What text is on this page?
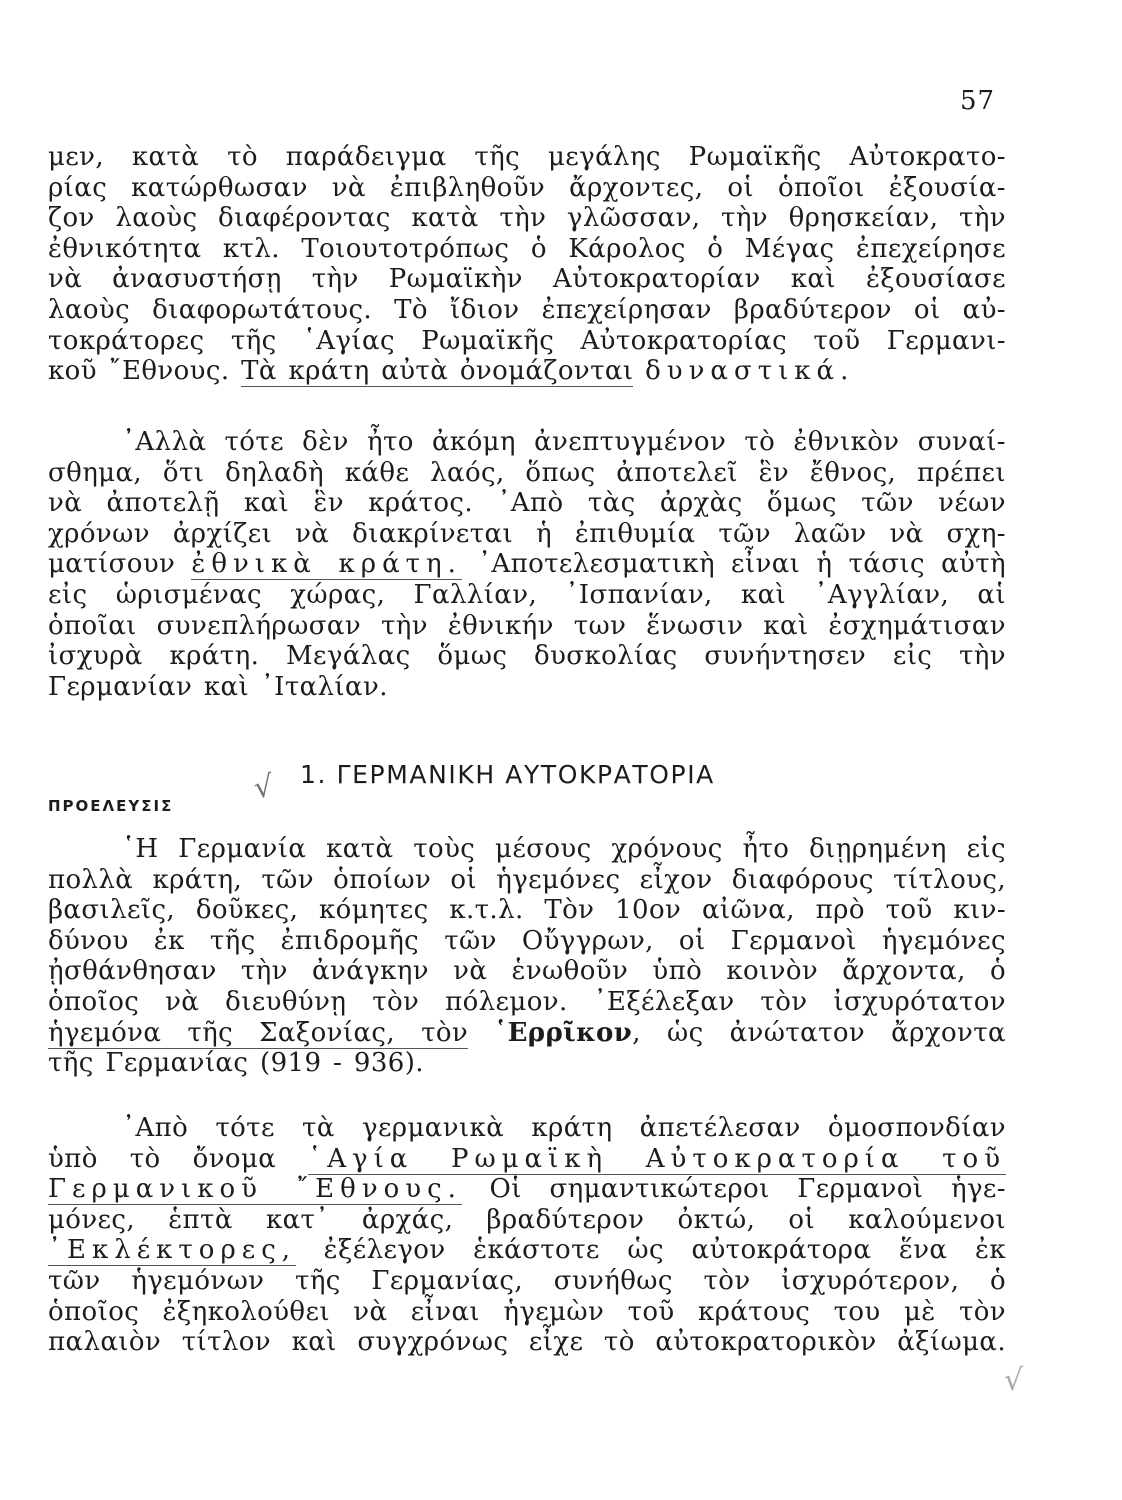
57
μεν, κατὰ τὸ παράδειγμα τῆς μεγάλης Ρωμαϊκῆς Αὐτοκρατο-
ρίας κατώρθωσαν νὰ ἐπιβληθοῦν ἄρχοντες, οἱ ὁποῖοι ἐξουσία-
ζον λαοὺς διαφέροντας κατὰ τὴν γλῶσσαν, τὴν θρησκείαν, τὴν
ἐθνικότητα κτλ. Τοιουτοτρόπως ὁ Κάρολος ὁ Μέγας ἐπεχείρησε
νὰ ἀνασυστήσῃ τὴν Ρωμαϊκὴν Αὐτοκρατορίαν καὶ ἐξουσίασε
λαοὺς διαφορωτάτους. Τὸ ἴδιον ἐπεχείρησαν βραδύτερον οἱ αὐ-
τοκράτορες τῆς ῾Αγίας Ρωμαϊκῆς Αὐτοκρατορίας τοῦ Γερμανι-
κοῦ ῎Εθνους. Τὰ κράτη αὐτὰ ὀνομάζονται δυναστικά.
᾿Αλλὰ τότε δὲν ἦτο ἀκόμη ἀνεπτυγμένον τὸ ἐθνικὸν συναί-
σθημα, ὅτι δηλαδὴ κάθε λαός, ὅπως ἀποτελεῖ ἓν ἔθνος, πρέπει
νὰ ἀποτελῇ καὶ ἓν κράτος. ᾿Απὸ τὰς ἀρχὰς ὅμως τῶν νέων
χρόνων ἀρχίζει νὰ διακρίνεται ἡ ἐπιθυμία τῶν λαῶν νὰ σχη-
ματίσουν ἐθνικὰ κράτη. ᾿Αποτελεσματικὴ εἶναι ἡ τάσις αὐτὴ
εἰς ὡρισμένας χώρας, Γαλλίαν, ᾿Ισπανίαν, καὶ ᾿Αγγλίαν, αἱ
ὁποῖαι συνεπλήρωσαν τὴν ἐθνικήν των ἕνωσιν καὶ ἐσχημάτισαν
ἰσχυρὰ κράτη. Μεγάλας ὅμως δυσκολίας συνήντησεν εἰς τὴν
Γερμανίαν καὶ ᾿Ιταλίαν.
√ 1. ΓΕΡΜΑΝΙΚΗ ΑΥΤΟΚΡΑΤΟΡΙΑ
ΠΡΟΕΛΕΥΣΙΣ
῾Η Γερμανία κατὰ τοὺς μέσους χρόνους ἦτο διῃρημένη εἰς
πολλὰ κράτη, τῶν ὁποίων οἱ ἡγεμόνες εἶχον διαφόρους τίτλους,
βασιλεῖς, δοῦκες, κόμητες κ.τ.λ. Τὸν 10ον αἰῶνα, πρὸ τοῦ κιν-
δύνου ἐκ τῆς ἐπιδρομῆς τῶν Οὔγγρων, οἱ Γερμανοὶ ἡγεμόνες
ᾐσθάνθησαν τὴν ἀνάγκην νὰ ἑνωθοῦν ὑπὸ κοινὸν ἄρχοντα, ὁ
ὁποῖος νὰ διευθύνῃ τὸν πόλεμον. ᾿Εξέλεξαν τὸν ἰσχυρότατον
ἡγεμόνα τῆς Σαξονίας, τὸν ῾Ερρῖκον, ὡς ἀνώτατον ἄρχοντα
τῆς Γερμανίας (919 - 936).
᾿Απὸ τότε τὰ γερμανικὰ κράτη ἀπετέλεσαν ὁμοσπονδίαν
ὑπὸ τὸ ὄνομα ῾Αγία Ρωμαϊκὴ Αὐτοκρατορία τοῦ
Γερμανικοῦ ῎Εθνους. Οἱ σημαντικώτεροι Γερμανοὶ ἡγε-
μόνες, ἑπτὰ κατ᾿ ἀρχάς, βραδύτερον ὀκτώ, οἱ καλούμενοι
᾿Εκλέκτορες, ἐξέλεγον ἑκάστοτε ὡς αὐτοκράτορα ἕνα ἐκ
τῶν ἡγεμόνων τῆς Γερμανίας, συνήθως τὸν ἰσχυρότερον, ὁ
ὁποῖος ἐξηκολούθει νὰ εἶναι ἡγεμὼν τοῦ κράτους του μὲ τὸν
παλαιὸν τίτλον καὶ συγχρόνως εἶχε τὸ αὐτοκρατορικὸν ἀξίωμα.
√
